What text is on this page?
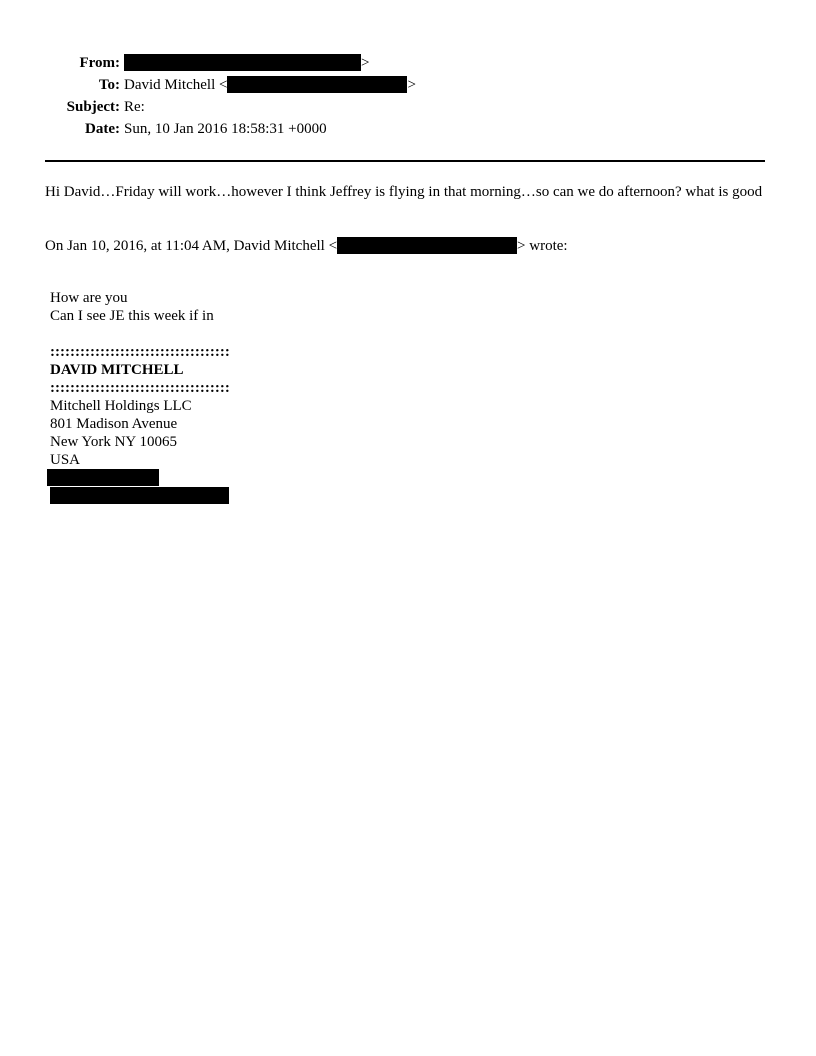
From:	>
To: David Mitchell <	>
Subject: Re:
Date: Sun, 10 Jan 2016 18:58:31 +0000
Hi David…Friday will work…however I think Jeffrey is flying in that morning…so can we do afternoon? what is good
On Jan 10, 2016, at 11:04 AM, David Mitchell <	> wrote:
How are you
Can I see JE this week if in
::::::::::::::::::::::::::::::::::::
DAVID MITCHELL
::::::::::::::::::::::::::::::::::::
Mitchell Holdings LLC
801 Madison Avenue
New York NY 10065
USA
